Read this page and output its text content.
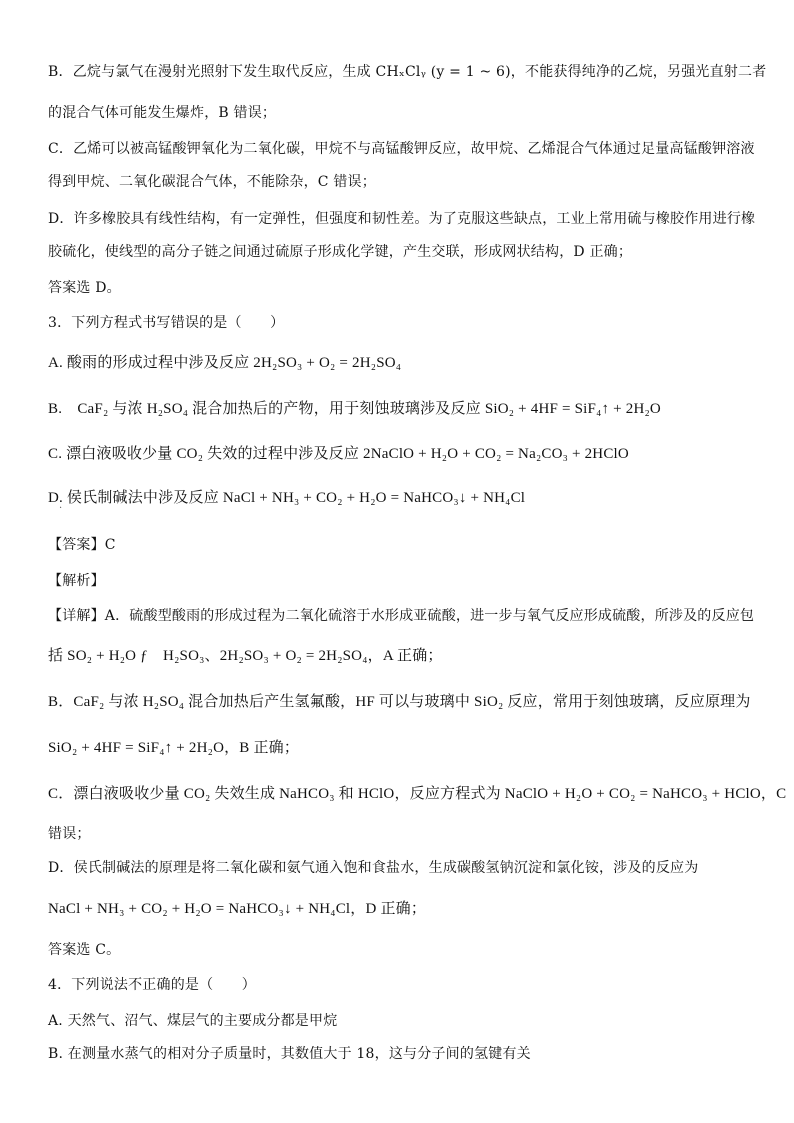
B．乙烷与氯气在漫射光照射下发生取代反应，生成 CHₓClᵧ (y = 1 ~ 6)，不能获得纯净的乙烷，另强光直射二者
的混合气体可能发生爆炸，B 错误；
C．乙烯可以被高锰酸钾氧化为二氧化碳，甲烷不与高锰酸钾反应，故甲烷、乙烯混合气体通过足量高锰酸钾溶液
得到甲烷、二氧化碳混合气体，不能除杂，C 错误；
D．许多橡胶具有线性结构，有一定弹性，但强度和韧性差。为了克服这些缺点，工业上常用硫与橡胶作用进行橡
胶硫化，使线型的高分子链之间通过硫原子形成化学键，产生交联，形成网状结构，D 正确；
答案选 D。
3．下列方程式书写错误的是（　　）
A. 酸雨的形成过程中涉及反应 2H₂SO₃ + O₂ = 2H₂SO₄
B.　CaF₂ 与浓 H₂SO₄ 混合加热后的产物，用于刻蚀玻璃涉及反应 SiO₂ + 4HF = SiF₄↑ + 2H₂O
C. 漂白液吸收少量 CO₂ 失效的过程中涉及反应 2NaClO + H₂O + CO₂ = Na₂CO₃ + 2HClO
D. 侯氏制碱法中涉及反应 NaCl + NH₃ + CO₂ + H₂O = NaHCO₃↓ + NH₄Cl
·
【答案】C
【解析】
【详解】A．硫酸型酸雨的形成过程为二氧化硫溶于水形成亚硫酸，进一步与氧气反应形成硫酸，所涉及的反应包
括 SO₂ + H₂O ƒ　H₂SO₃、2H₂SO₃ + O₂ = 2H₂SO₄，A 正确；
B．CaF₂ 与浓 H₂SO₄ 混合加热后产生氢氟酸，HF 可以与玻璃中 SiO₂ 反应，常用于刻蚀玻璃，反应原理为
SiO₂ + 4HF = SiF₄↑ + 2H₂O，B 正确；
C．漂白液吸收少量 CO₂ 失效生成 NaHCO₃ 和 HClO，反应方程式为 NaClO + H₂O + CO₂ = NaHCO₃ + HClO，C
错误；
D．侯氏制碱法的原理是将二氧化碳和氨气通入饱和食盐水，生成碳酸氢钠沉淀和氯化铵，涉及的反应为
NaCl + NH₃ + CO₂ + H₂O = NaHCO₃↓ + NH₄Cl，D 正确；
答案选 C。
4．下列说法不正确的是（　　）
A. 天然气、沼气、煤层气的主要成分都是甲烷
B. 在测量水蒸气的相对分子质量时，其数值大于 18，这与分子间的氢键有关
